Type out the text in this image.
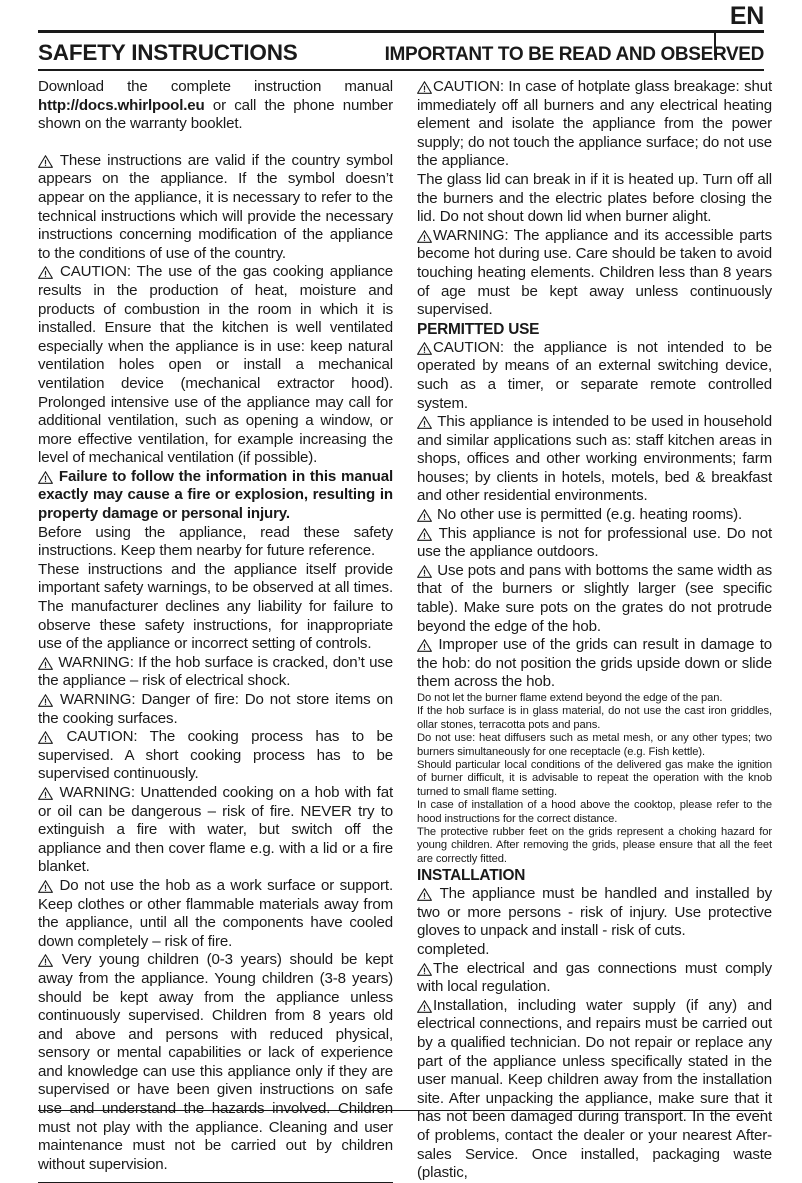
EN
SAFETY INSTRUCTIONS	IMPORTANT TO BE READ AND OBSERVED

Download the complete instruction manual http://docs.whirlpool.eu or call the phone number shown on the warranty booklet.

These instructions are valid if the country symbol appears on the appliance. If the symbol doesn’t appear on the appliance, it is necessary to refer to the technical instructions which will provide the necessary instructions concerning modification of the appliance to the conditions of use of the country.

CAUTION: The use of the gas cooking appliance results in the production of heat, moisture and products of combustion in the room in which it is installed. Ensure that the kitchen is well ventilated especially when the appliance is in use: keep natural ventilation holes open or install a mechanical ventilation device (mechanical extractor hood). Prolonged intensive use of the appliance may call for additional ventilation, such as opening a window, or more effective ventilation, for example increasing the level of mechanical ventilation (if possible).

Failure to follow the information in this manual exactly may cause a fire or explosion, resulting in property damage or personal injury.

Before using the appliance, read these safety instructions. Keep them nearby for future reference.

These instructions and the appliance itself provide important safety warnings, to be observed at all times. The manufacturer declines any liability for failure to observe these safety instructions, for inappropriate use of the appliance or incorrect setting of controls.

WARNING: If the hob surface is cracked, don’t use the appliance – risk of electrical shock.

WARNING: Danger of fire: Do not store items on the cooking surfaces.

CAUTION: The cooking process has to be supervised. A short cooking process has to be supervised continuously.

WARNING: Unattended cooking on a hob with fat or oil can be dangerous – risk of fire. NEVER try to extinguish a fire with water, but switch off the appliance and then cover flame e.g. with a lid or a fire blanket.

Do not use the hob as a work surface or support. Keep clothes or other flammable materials away from the appliance, until all the components have cooled down completely – risk of fire.

Very young children (0-3 years) should be kept away from the appliance. Young children (3-8 years) should be kept away from the appliance unless continuously supervised. Children from 8 years old and above and persons with reduced physical, sensory or mental capabilities or lack of experience and knowledge can use this appliance only if they are supervised or have been given instructions on safe use and understand the hazards involved. Children must not play with the appliance. Cleaning and user maintenance must not be carried out by children without supervision.

CAUTION: In case of hotplate glass breakage: shut immediately off all burners and any electrical heating element and isolate the appliance from the power supply; do not touch the appliance surface; do not use the appliance.

The glass lid can break in if it is heated up. Turn off all the burners and the electric plates before closing the lid. Do not shout down lid when burner alight.

WARNING: The appliance and its accessible parts become hot during use. Care should be taken to avoid touching heating elements. Children less than 8 years of age must be kept away unless continuously supervised.

PERMITTED USE

CAUTION: the appliance is not intended to be operated by means of an external switching device, such as a timer, or separate remote controlled system.

This appliance is intended to be used in household and similar applications such as: staff kitchen areas in shops, offices and other working environments; farm houses; by clients in hotels, motels, bed & breakfast and other residential environments.

No other use is permitted (e.g. heating rooms).

This appliance is not for professional use. Do not use the appliance outdoors.

Use pots and pans with bottoms the same width as that of the burners or slightly larger (see specific table). Make sure pots on the grates do not protrude beyond the edge of the hob.

Improper use of the grids can result in damage to the hob: do not position the grids upside down or slide them across the hob.

Do not let the burner flame extend beyond the edge of the pan.

If the hob surface is in glass material, do not use the cast iron griddles, ollar stones, terracotta pots and pans.

Do not use: heat diffusers such as metal mesh, or any other types; two burners simultaneously for one receptacle (e.g. Fish kettle).

Should particular local conditions of the delivered gas make the ignition of burner difficult, it is advisable to repeat the operation with the knob turned to small flame setting.

In case of installation of a hood above the cooktop, please refer to the hood instructions for the correct distance.

The protective rubber feet on the grids represent a choking hazard for young children. After removing the grids, please ensure that all the feet are correctly fitted.

INSTALLATION

The appliance must be handled and installed by two or more persons - risk of injury. Use protective gloves to unpack and install - risk of cuts.

completed.

The electrical and gas connections must comply with local regulation.

Installation, including water supply (if any) and electrical connections, and repairs must be carried out by a qualified technician. Do not repair or replace any part of the appliance unless specifically stated in the user manual. Keep children away from the installation site. After unpacking the appliance, make sure that it has not been damaged during transport. In the event of problems, contact the dealer or your nearest After-sales Service. Once installed, packaging waste (plastic,
